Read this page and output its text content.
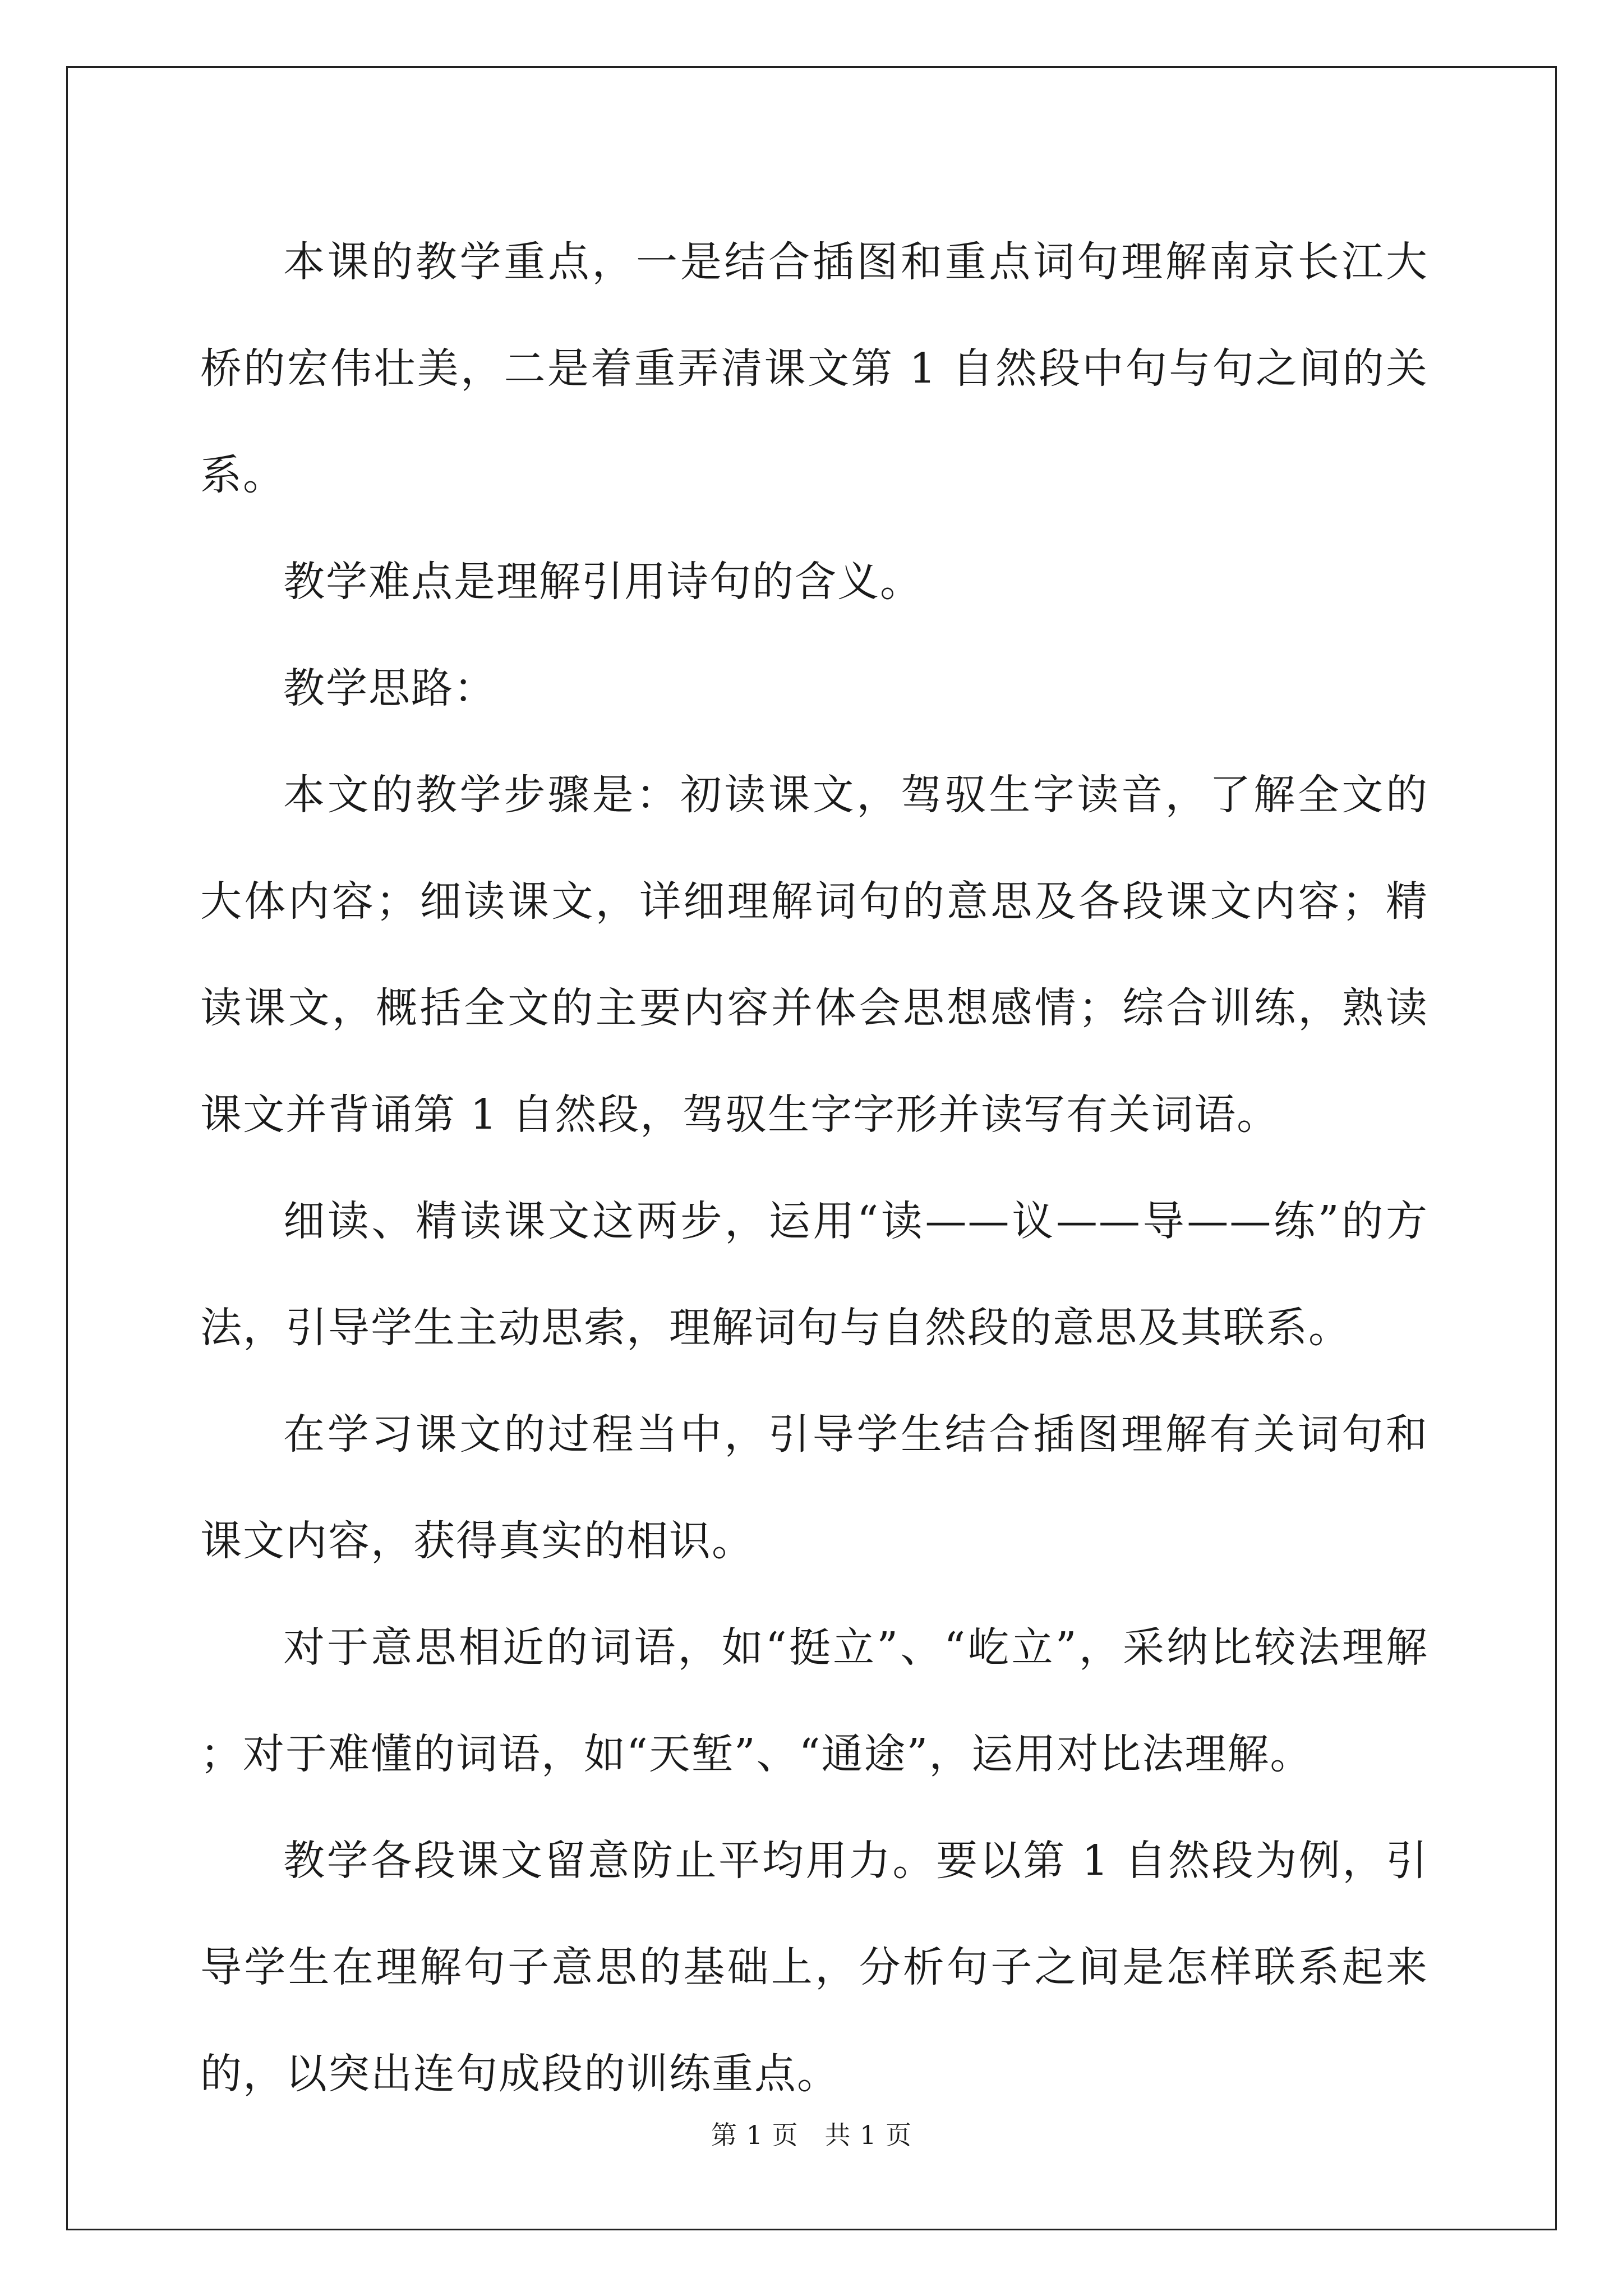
本课的教学重点，一是结合插图和重点词句理解南京长江大桥的宏伟壮美，二是着重弄清课文第 1 自然段中句与句之间的关系。

教学难点是理解引用诗句的含义。

教学思路：

本文的教学步骤是：初读课文，驾驭生字读音，了解全文的大体内容；细读课文，详细理解词句的意思及各段课文内容；精读课文，概括全文的主要内容并体会思想感情；综合训练，熟读课文并背诵第 1 自然段，驾驭生字字形并读写有关词语。

细读、精读课文这两步，运用“读——议——导——练”的方法，引导学生主动思索，理解词句与自然段的意思及其联系。

在学习课文的过程当中，引导学生结合插图理解有关词句和课文内容，获得真实的相识。

对于意思相近的词语，如“挺立”、“屹立”，采纳比较法理解；对于难懂的词语，如“天堑”、“通途”，运用对比法理解。

教学各段课文留意防止平均用力。要以第 1 自然段为例，引导学生在理解句子意思的基础上，分析句子之间是怎样联系起来的，以突出连句成段的训练重点。

第 1 页　共 1 页
